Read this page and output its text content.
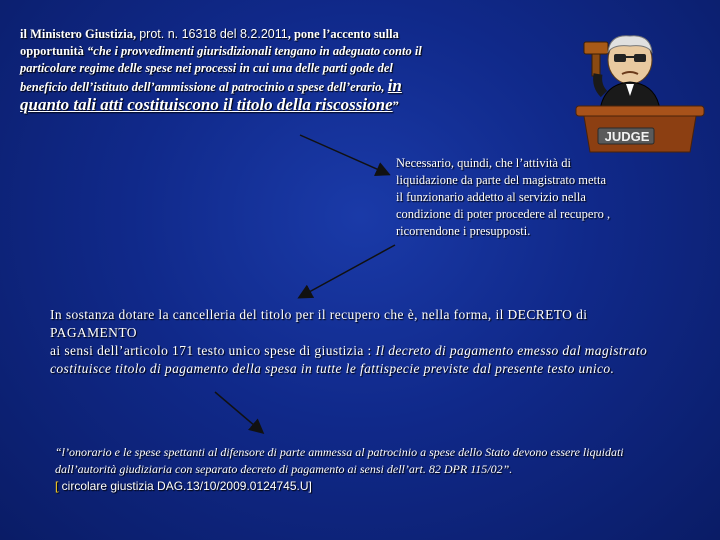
il Ministero Giustizia, prot. n. 16318 del 8.2.2011, pone l’accento sulla opportunità “che i provvedimenti giurisdizionali tengano in adeguato conto il particolare regime delle spese nei processi in cui una delle parti gode del beneficio dell’istituto dell’ammissione al patrocinio a spese dell’erario, in quanto tali atti costituiscono il titolo della riscossione”
JUDGE
Necessario, quindi, che l’attività di liquidazione da parte del magistrato metta il funzionario addetto al servizio nella condizione di poter procedere al recupero , ricorrendone i presupposti.
In sostanza dotare la cancelleria del titolo per il recupero che è, nella forma, il DECRETO di PAGAMENTO
ai sensi dell’articolo 171 testo unico spese di giustizia : Il decreto di pagamento emesso dal magistrato costituisce titolo di pagamento della spesa in tutte le fattispecie previste dal presente testo unico.
“l’onorario e le spese spettanti al difensore di parte ammessa al patrocinio a spese dello Stato devono essere liquidati dall’autorità giudiziaria con separato decreto di pagamento ai sensi dell’art. 82 DPR 115/02”.
[ circolare giustizia DAG.13/10/2009.0124745.U]
